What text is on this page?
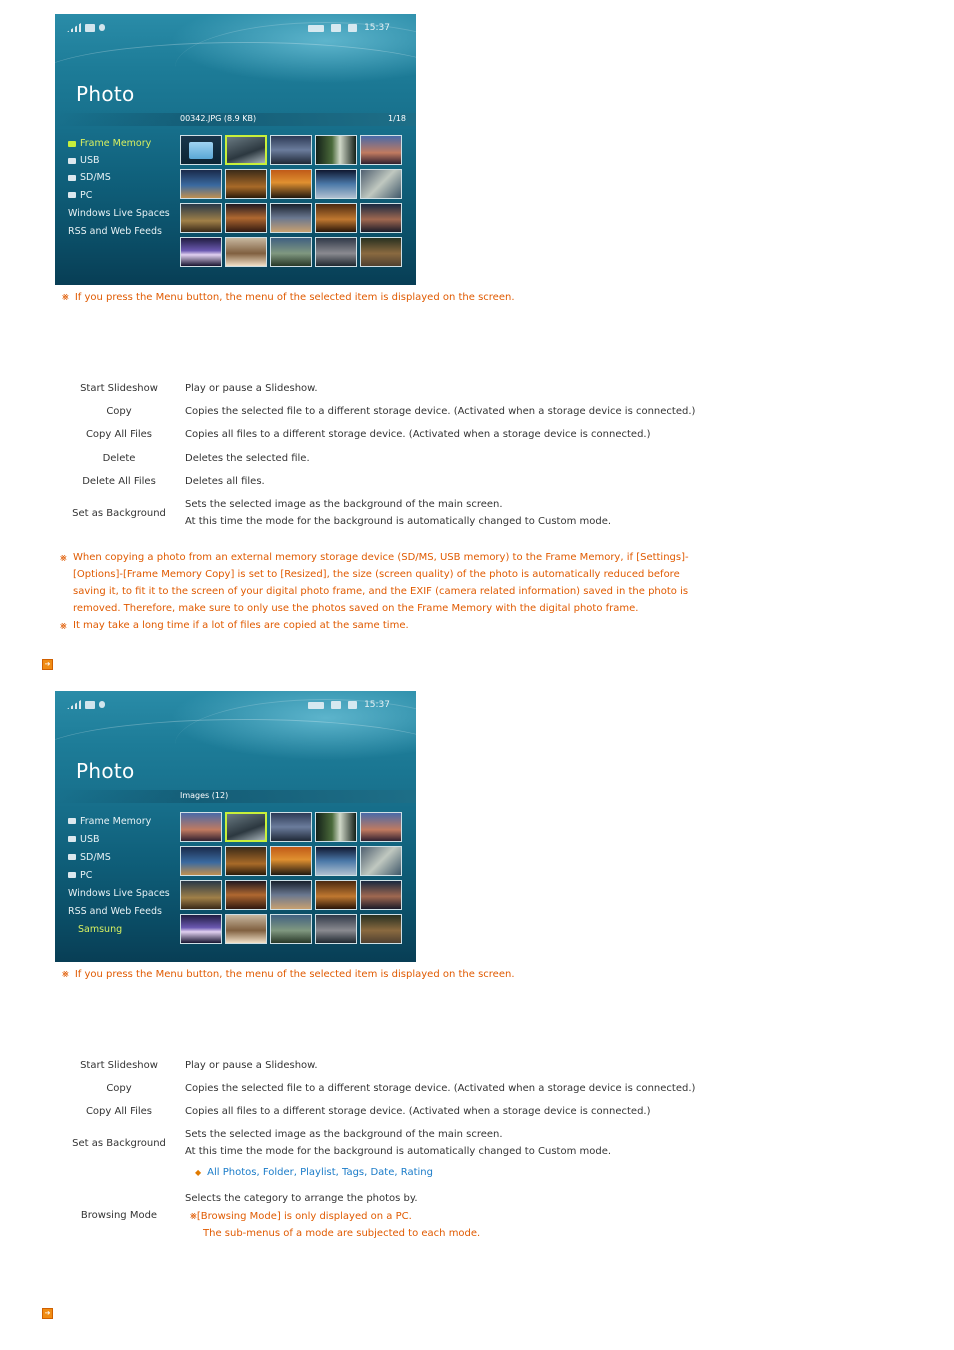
15:37
Photo
00342.JPG (8.9 KB)	1/18
Frame Memory
USB
SD/MS
PC
Windows Live Spaces
RSS and Web Feeds
⨳ If you press the Menu button, the menu of the selected item is displayed on the screen.
Start Slideshow	Play or pause a Slideshow.
Copy	Copies the selected file to a different storage device. (Activated when a storage device is connected.)
Copy All Files	Copies all files to a different storage device. (Activated when a storage device is connected.)
Delete	Deletes the selected file.
Delete All Files	Deletes all files.
Set as Background	Sets the selected image as the background of the main screen.
At this time the mode for the background is automatically changed to Custom mode.
⨳ When copying a photo from an external memory storage device (SD/MS, USB memory) to the Frame Memory, if [Settings]-
[Options]-[Frame Memory Copy] is set to [Resized], the size (screen quality) of the photo is automatically reduced before
saving it, to fit it to the screen of your digital photo frame, and the EXIF (camera related information) saved in the photo is
removed. Therefore, make sure to only use the photos saved on the Frame Memory with the digital photo frame.
⨳ It may take a long time if a lot of files are copied at the same time.
➔
15:37
Photo
Images (12)
Frame Memory
USB
SD/MS
PC
Windows Live Spaces
RSS and Web Feeds
Samsung
⨳ If you press the Menu button, the menu of the selected item is displayed on the screen.
Start Slideshow	Play or pause a Slideshow.
Copy	Copies the selected file to a different storage device. (Activated when a storage device is connected.)
Copy All Files	Copies all files to a different storage device. (Activated when a storage device is connected.)
Set as Background	Sets the selected image as the background of the main screen.
At this time the mode for the background is automatically changed to Custom mode.

Browsing Mode	◆ All Photos, Folder, Playlist, Tags, Date, Rating
Selects the category to arrange the photos by.
⨳[Browsing Mode] is only displayed on a PC.
The sub-menus of a mode are subjected to each mode.
➔
